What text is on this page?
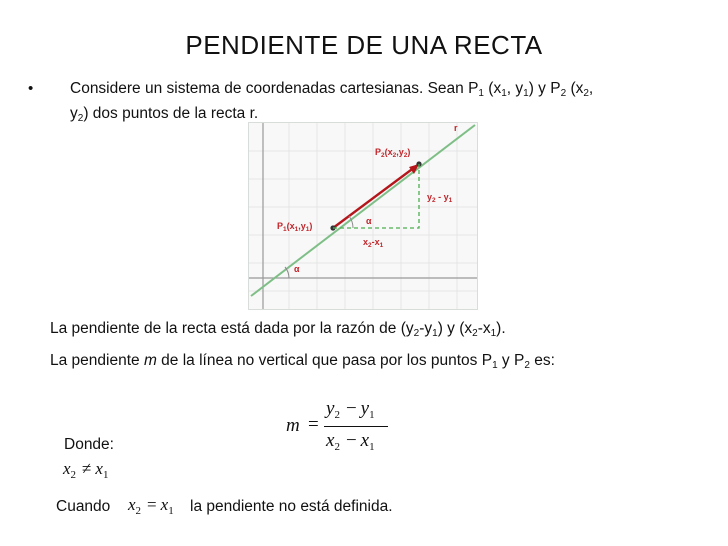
PENDIENTE DE UNA RECTA
• Considere un sistema de coordenadas cartesianas. Sean $P_1$ ($x_1$, $y_1$) y $P_2$ ($x_2$,
$y_2$) dos puntos de la recta r.
r
$P_2(x_2,y_2)$
$P_1(x_1,y_1)$
$y_2 - y_1$
$x_2-x_1$
α
α
La pendiente de la recta está dada por la razón de $(y_2-y_1)$ y $(x_2-x_1)$.
La pendiente m de la línea no vertical que pasa por los puntos $P_1$ y $P_2$ es:
m =
$y_2 - y_1$
$x_2 - x_1$
Donde:
$x_2 \ne x_1$
Cuando $x_2 = x_1$ la pendiente no está definida.
